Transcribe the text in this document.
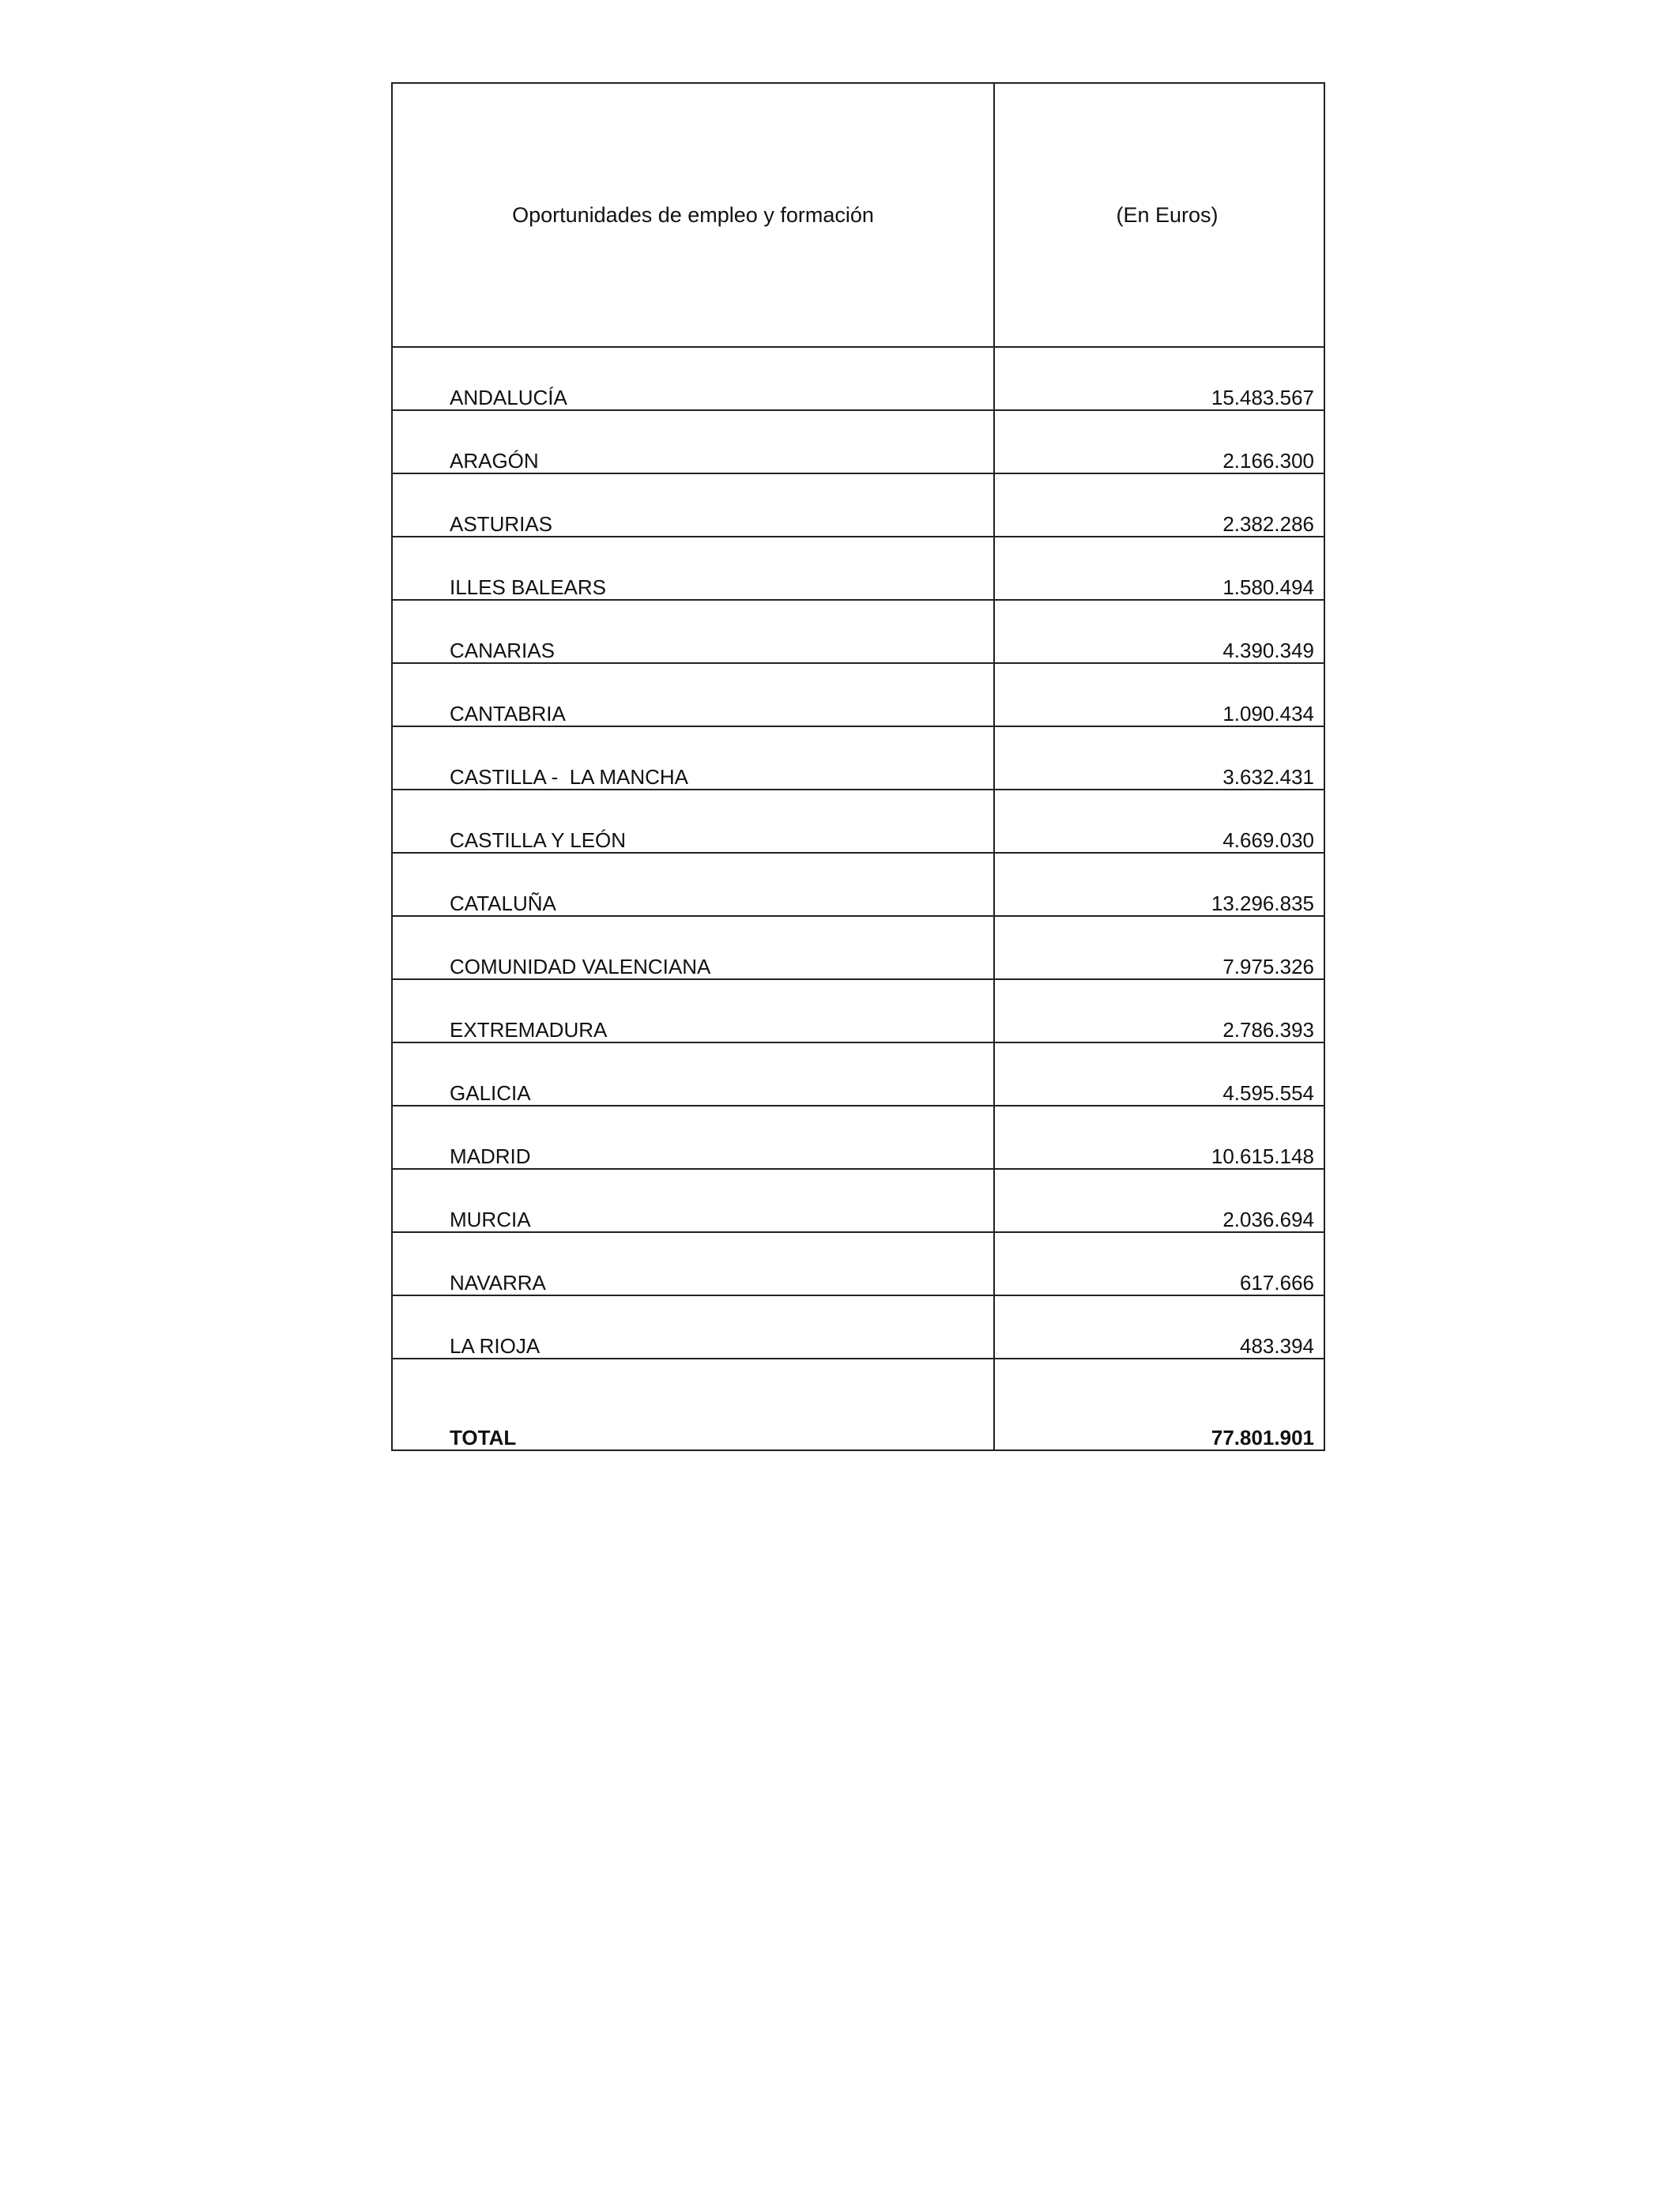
Oportunidades de empleo y formación	(En Euros)
ANDALUCÍA	15.483.567
ARAGÓN	2.166.300
ASTURIAS	2.382.286
ILLES BALEARS	1.580.494
CANARIAS	4.390.349
CANTABRIA	1.090.434
CASTILLA -  LA MANCHA	3.632.431
CASTILLA Y LEÓN	4.669.030
CATALUÑA	13.296.835
COMUNIDAD VALENCIANA	7.975.326
EXTREMADURA	2.786.393
GALICIA	4.595.554
MADRID	10.615.148
MURCIA	2.036.694
NAVARRA	617.666
LA RIOJA	483.394
TOTAL	77.801.901
